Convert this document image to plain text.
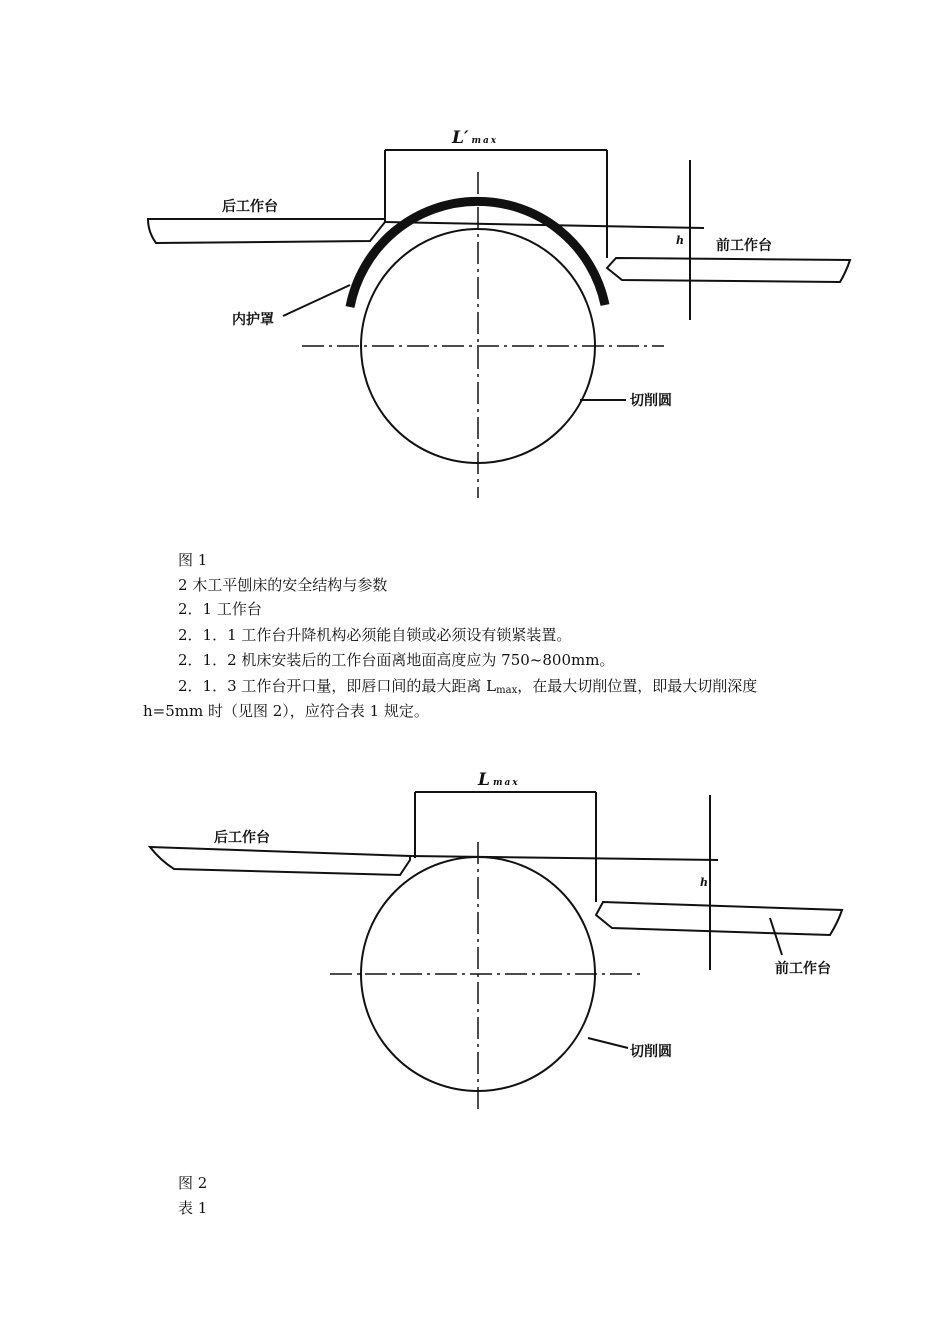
后工作台
前工作台
内护罩
切削圆
L′ max
h
图 1
2 木工平刨床的安全结构与参数
2．1 工作台
2．1．1 工作台升降机构必须能自锁或必须设有锁紧装置。
2．1．2 机床安装后的工作台面离地面高度应为 750~800mm。
2．1．3 工作台开口量，即唇口间的最大距离 $L_{max}$，在最大切削位置，即最大切削深度
h=5mm 时（见图 2），应符合表 1 规定。
后工作台
前工作台
切削圆
Lmax
h
图 2
表 1
